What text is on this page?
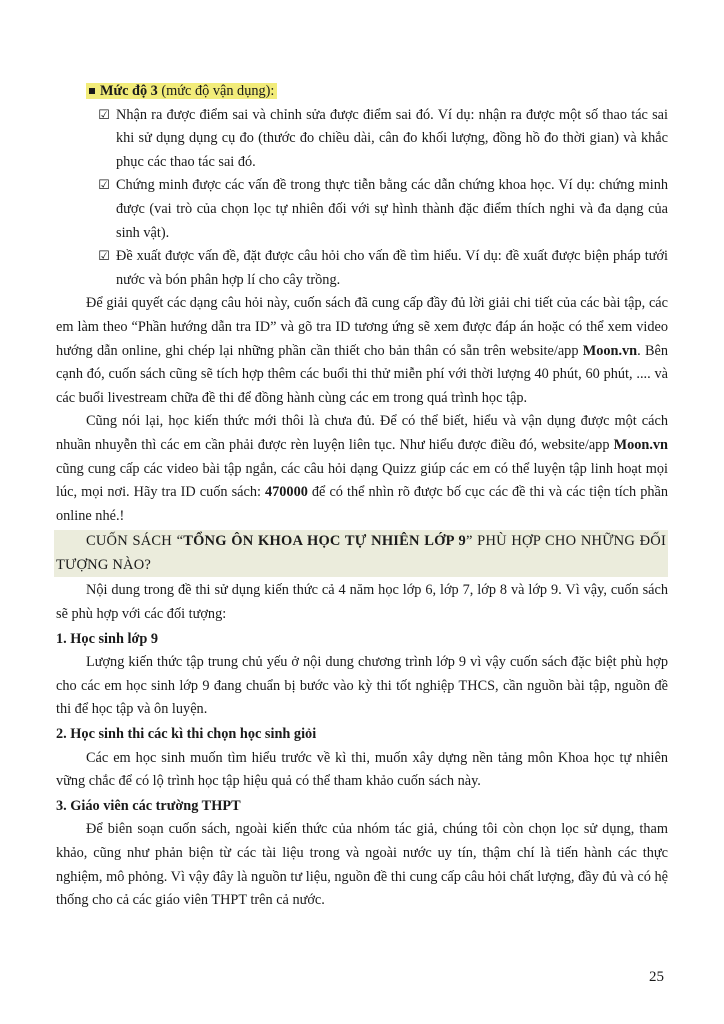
Mức độ 3 (mức độ vận dụng):
☑ Nhận ra được điểm sai và chỉnh sửa được điểm sai đó. Ví dụ: nhận ra được một số thao tác sai khi sử dụng dụng cụ đo (thước đo chiều dài, cân đo khối lượng, đồng hồ đo thời gian) và khắc phục các thao tác sai đó.
☑ Chứng minh được các vấn đề trong thực tiễn bằng các dẫn chứng khoa học. Ví dụ: chứng minh được (vai trò của chọn lọc tự nhiên đối với sự hình thành đặc điểm thích nghi và đa dạng của sinh vật).
☑ Đề xuất được vấn đề, đặt được câu hỏi cho vấn đề tìm hiểu. Ví dụ: đề xuất được biện pháp tưới nước và bón phân hợp lí cho cây trồng.

Để giải quyết các dạng câu hỏi này, cuốn sách đã cung cấp đầy đủ lời giải chi tiết của các bài tập, các em làm theo “Phần hướng dẫn tra ID” và gõ tra ID tương ứng sẽ xem được đáp án hoặc có thể xem video hướng dẫn online, ghi chép lại những phần cần thiết cho bản thân có sẵn trên website/app Moon.vn. Bên cạnh đó, cuốn sách cũng sẽ tích hợp thêm các buổi thi thử miễn phí với thời lượng 40 phút, 60 phút, .... và các buổi livestream chữa đề thi để đồng hành cùng các em trong quá trình học tập.

Cũng nói lại, học kiến thức mới thôi là chưa đủ. Để có thể biết, hiểu và vận dụng được một cách nhuần nhuyễn thì các em cần phải được rèn luyện liên tục. Như hiểu được điều đó, website/app Moon.vn cũng cung cấp các video bài tập ngắn, các câu hỏi dạng Quizz giúp các em có thể luyện tập linh hoạt mọi lúc, mọi nơi. Hãy tra ID cuốn sách: 470000 để có thể nhìn rõ được bố cục các đề thi và các tiện tích phần online nhé.!

CUỐN SÁCH “TỔNG ÔN KHOA HỌC TỰ NHIÊN LỚP 9” PHÙ HỢP CHO NHỮNG ĐỐI TƯỢNG NÀO?

Nội dung trong đề thi sử dụng kiến thức cả 4 năm học lớp 6, lớp 7, lớp 8 và lớp 9. Vì vậy, cuốn sách sẽ phù hợp với các đối tượng:

1. Học sinh lớp 9

Lượng kiến thức tập trung chủ yếu ở nội dung chương trình lớp 9 vì vậy cuốn sách đặc biệt phù hợp cho các em học sinh lớp 9 đang chuẩn bị bước vào kỳ thi tốt nghiệp THCS, cần nguồn bài tập, nguồn đề thi để học tập và ôn luyện.

2. Học sinh thi các kì thi chọn học sinh giỏi

Các em học sinh muốn tìm hiểu trước về kì thi, muốn xây dựng nền tảng môn Khoa học tự nhiên vững chắc để có lộ trình học tập hiệu quả có thể tham khảo cuốn sách này.

3. Giáo viên các trường THPT

Để biên soạn cuốn sách, ngoài kiến thức của nhóm tác giả, chúng tôi còn chọn lọc sử dụng, tham khảo, cũng như phản biện từ các tài liệu trong và ngoài nước uy tín, thậm chí là tiến hành các thực nghiệm, mô phỏng. Vì vậy đây là nguồn tư liệu, nguồn đề thi cung cấp câu hỏi chất lượng, đầy đủ và có hệ thống cho cả các giáo viên THPT trên cả nước.

25
